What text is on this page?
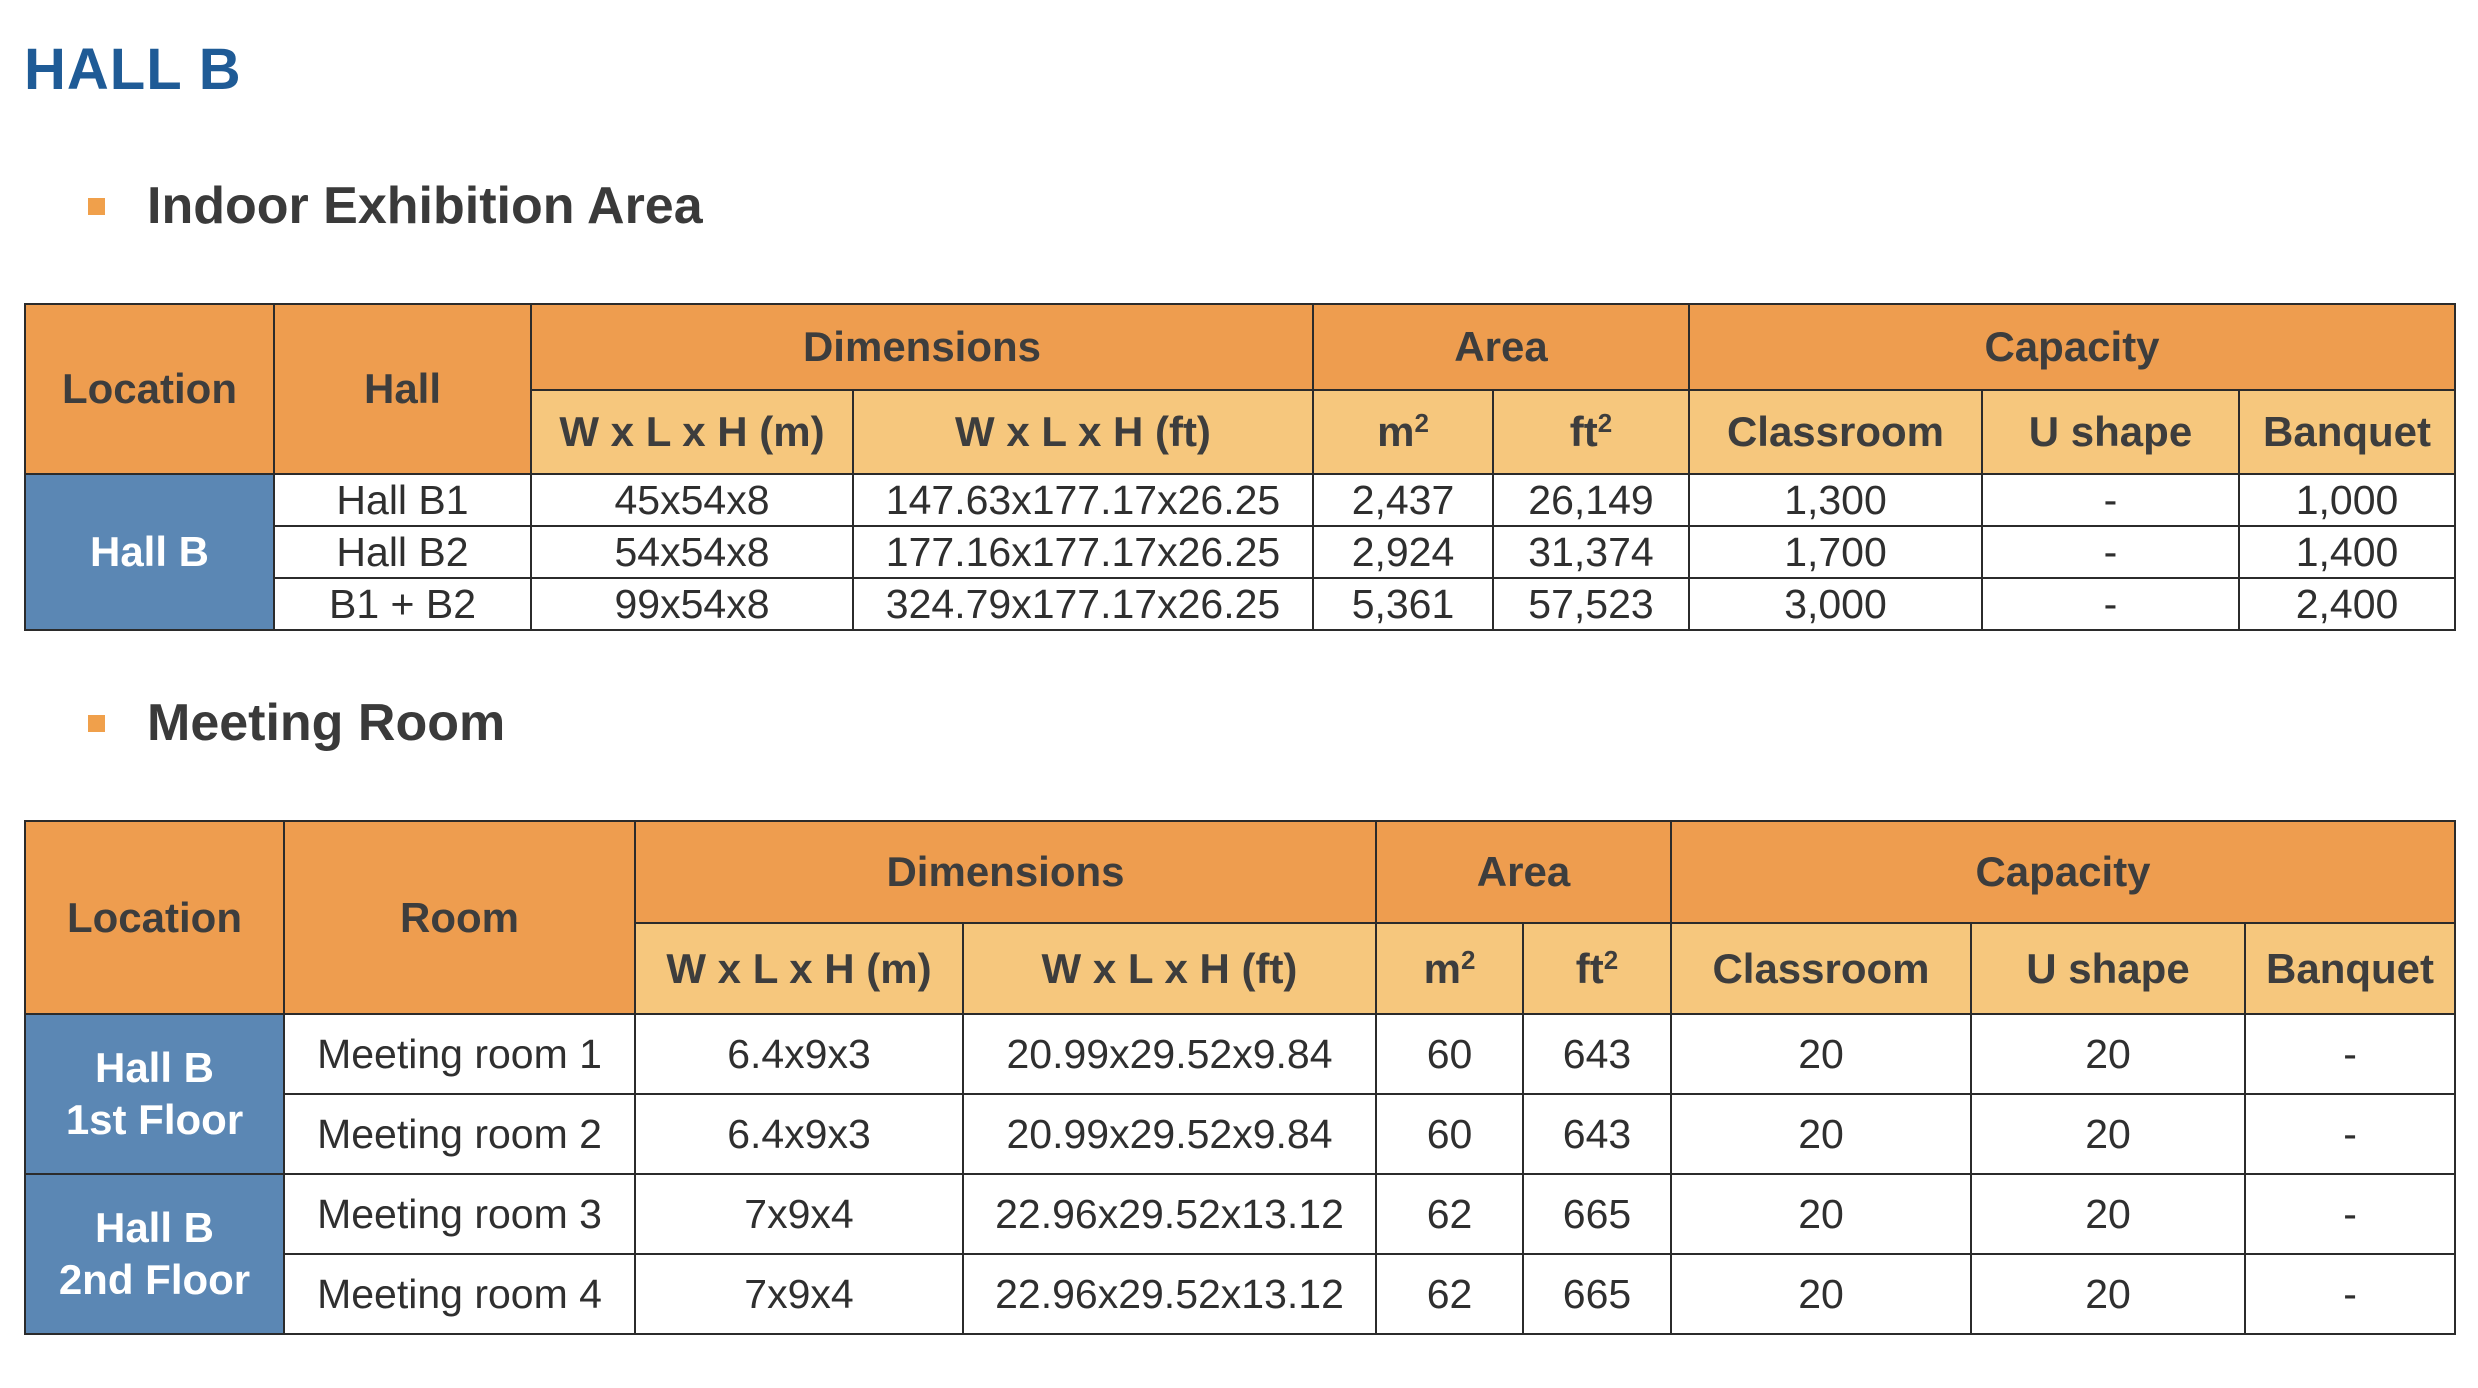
HALL B
Indoor Exhibition Area
Location	Hall	Dimensions		Area		Capacity		
		W x L x H (m)	W x L x H (ft)	$m^2$	$ft^2$	Classroom	U shape	Banquet
Hall B	Hall B1	45x54x8	147.63x177.17x26.25	2,437	26,149	1,300	-	1,000
	Hall B2	54x54x8	177.16x177.17x26.25	2,924	31,374	1,700	-	1,400
	B1 + B2	99x54x8	324.79x177.17x26.25	5,361	57,523	3,000	-	2,400
Meeting Room
Location	Room	Dimensions		Area		Capacity		
		W x L x H (m)	W x L x H (ft)	$m^2$	$ft^2$	Classroom	U shape	Banquet

Hall B
1st Floor	Meeting room 1	6.4x9x3	20.99x29.52x9.84	60	643	20	20	-
	Meeting room 2	6.4x9x3	20.99x29.52x9.84	60	643	20	20	-

Hall B
2nd Floor	Meeting room 3	7x9x4	22.96x29.52x13.12	62	665	20	20	-
	Meeting room 4	7x9x4	22.96x29.52x13.12	62	665	20	20	-
